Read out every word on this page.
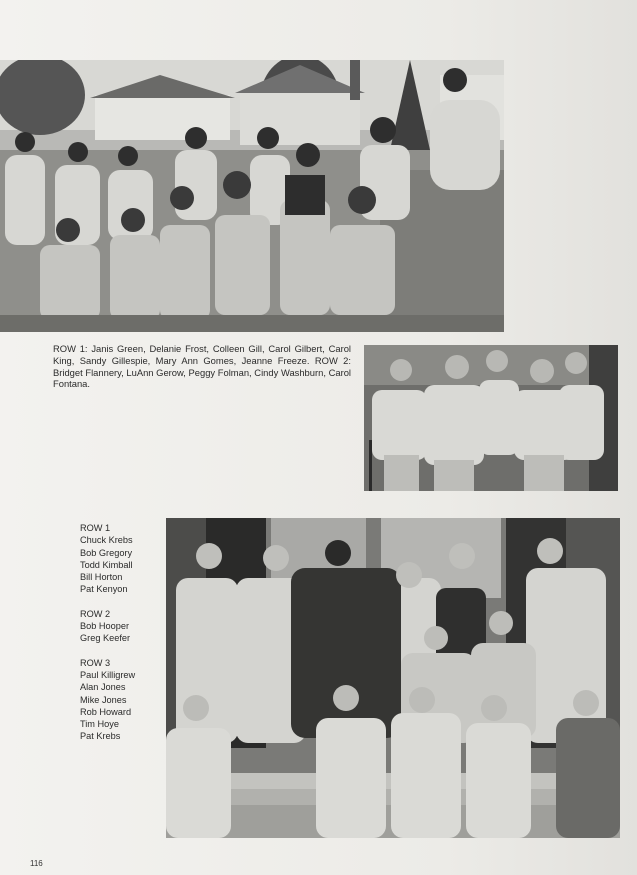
ROW 1: Janis Green, Delanie Frost, Colleen Gill, Carol Gilbert, Carol King, Sandy Gillespie, Mary Ann Gomes, Jeanne Freeze. ROW 2: Bridget Flannery, LuAnn Gerow, Peggy Folman, Cindy Washburn, Carol Fontana.
ROW 1
Chuck Krebs
Bob Gregory
Todd Kimball
Bill Horton
Pat Kenyon
ROW 2
Bob Hooper
Greg Keefer
ROW 3
Paul Killigrew
Alan Jones
Mike Jones
Rob Howard
Tim Hoye
Pat Krebs
116
